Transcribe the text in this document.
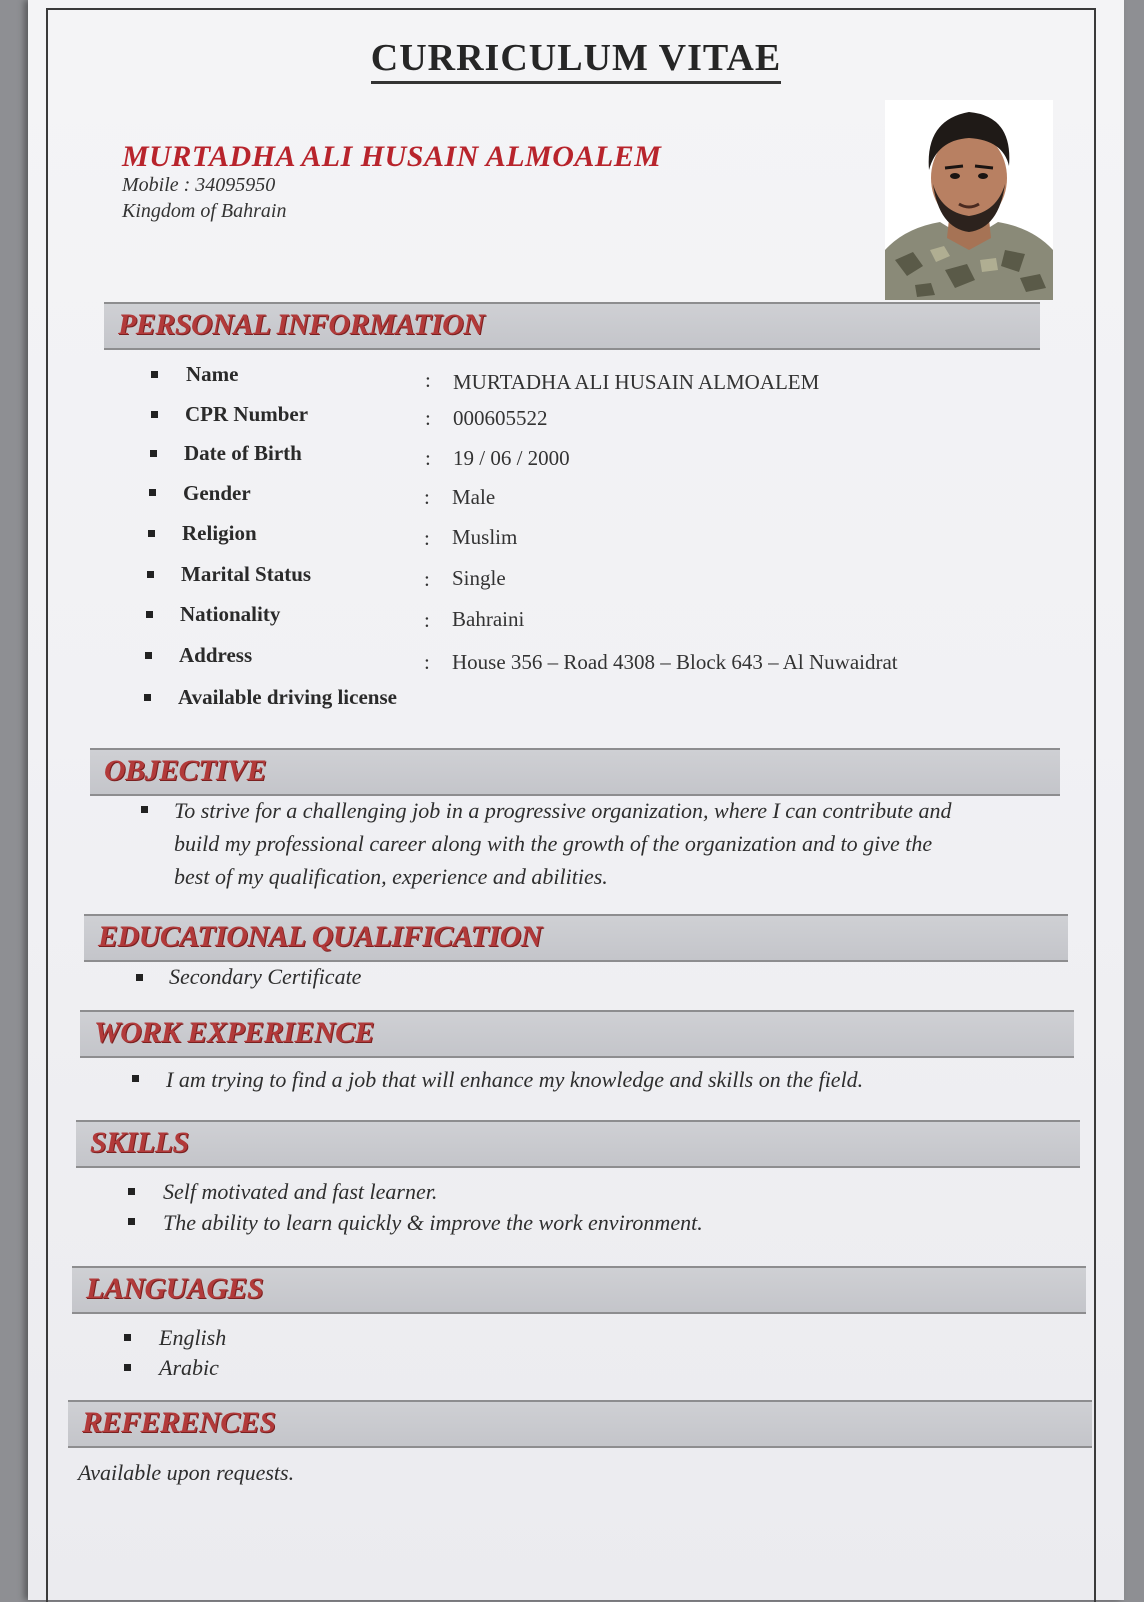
CURRICULUM VITAE
MURTADHA ALI HUSAIN ALMOALEM
Mobile : 34095950
Kingdom of Bahrain
PERSONAL INFORMATION
Name	: MURTADHA ALI HUSAIN ALMOALEM
CPR Number	: 000605522
Date of Birth	: 19 / 06 / 2000
Gender	: Male
Religion	: Muslim
Marital Status	: Single
Nationality	: Bahraini
Address	: House 356 – Road 4308 – Block 643 – Al Nuwaidrat
Available driving license
OBJECTIVE
To strive for a challenging job in a progressive organization, where I can contribute and
build my professional career along with the growth of the organization and to give the
best of my qualification, experience and abilities.
EDUCATIONAL QUALIFICATION
Secondary Certificate
WORK EXPERIENCE
I am trying to find a job that will enhance my knowledge and skills on the field.
SKILLS
Self motivated and fast learner.
The ability to learn quickly & improve the work environment.
LANGUAGES
English
Arabic
REFERENCES
Available upon requests.
